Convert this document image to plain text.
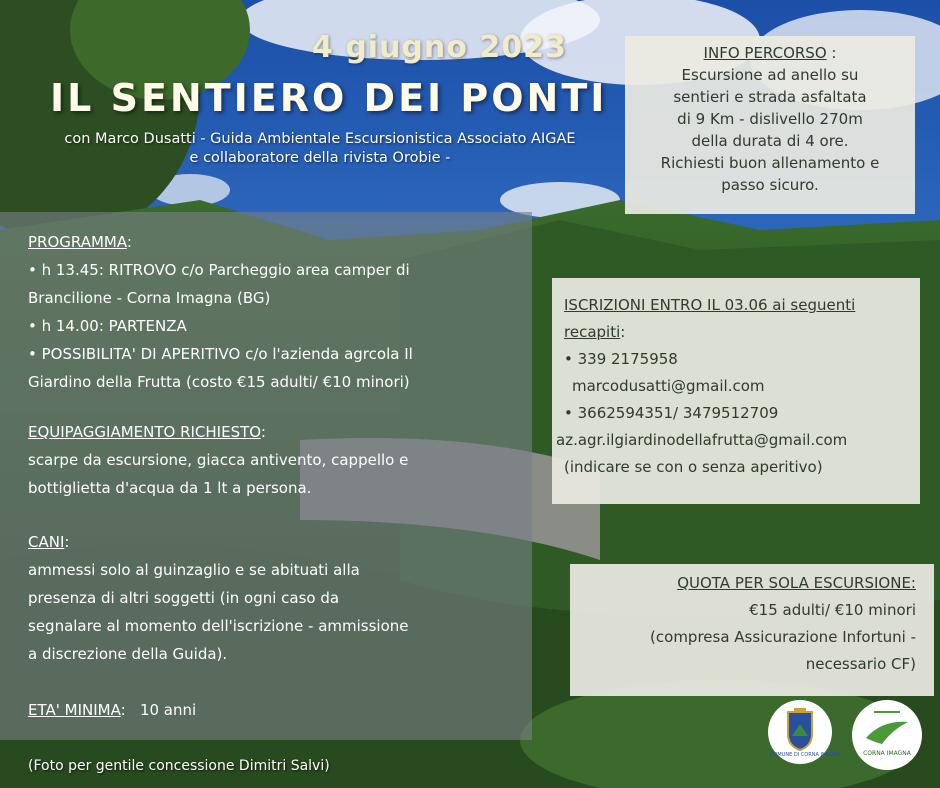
4 giugno 2023
IL SENTIERO DEI PONTI
con Marco Dusatti - Guida Ambientale Escursionistica Associato AIGAE
e collaboratore della rivista Orobie -
INFO PERCORSO :
Escursione ad anello su
sentieri e strada asfaltata
di 9 Km - dislivello 270m
della durata di 4 ore.
Richiesti buon allenamento e
passo sicuro.
PROGRAMMA:
• h 13.45: RITROVO c/o Parcheggio area camper di
Brancilione - Corna Imagna (BG)
• h 14.00: PARTENZA
• POSSIBILITA' DI APERITIVO c/o l'azienda agrcola Il
Giardino della Frutta (costo €15 adulti/ €10 minori)
EQUIPAGGIAMENTO RICHIESTO:
scarpe da escursione, giacca antivento, cappello e
bottiglietta d'acqua da 1 lt a persona.
CANI:
ammessi solo al guinzaglio e se abituati alla
presenza di altri soggetti (in ogni caso da
segnalare al momento dell'iscrizione - ammissione
a discrezione della Guida).
ETA' MINIMA:   10 anni
ISCRIZIONI ENTRO IL 03.06 ai seguenti
recapiti:
• 339 2175958
marcodusatti@gmail.com
• 3662594351/ 3479512709
az.agr.ilgiardinodellafrutta@gmail.com
(indicare se con o senza aperitivo)
QUOTA PER SOLA ESCURSIONE:
€15 adulti/ €10 minori
(compresa Assicurazione Infortuni -
necessario CF)
COMUNE DI CORNA IMAGNA	CORNA IMAGNA
(Foto per gentile concessione Dimitri Salvi)
